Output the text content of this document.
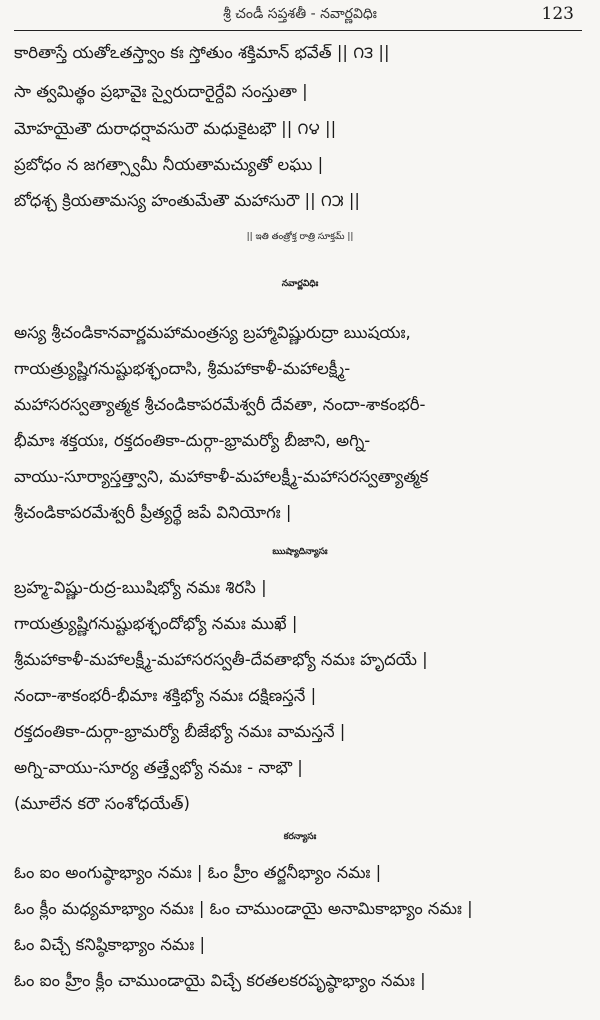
శ్రీ చండీ సప్తశతీ - నవార్ణవిధిః	123
కారితాస్తే యతోఽతస్త్వాం కః స్తోతుం శక్తిమాన్ భవేత్ || ౧౩ ||
సా త్వమిత్థం ప్రభావైః స్వైరుదారైర్దేవి సంస్తుతా |
మోహయైతౌ దురాధర్షావసురౌ మధుకైటభౌ || ౧౪ ||
ప్రబోధం న జగత్స్వామీ నీయతామచ్యుతో లఘు |
బోధశ్చ క్రియతామస్య హంతుమేతౌ మహాసురౌ || ౧౫ ||
|| ఇతి తంత్రోక్త రాత్రి సూక్తమ్ ||
నవార్ణవిధిః
అస్య శ్రీచండికానవార్ణమహామంత్రస్య బ్రహ్మావిష్ణురుద్రా ఋషయః,
గాయత్ర్యుష్ణిగనుష్టుభశ్ఛందాసి, శ్రీమహాకాళీ-మహాలక్ష్మీ-
మహాసరస్వత్యాత్మక శ్రీచండికాపరమేశ్వరీ దేవతా, నందా-శాకంభరీ-
భీమాః శక్తయః, రక్తదంతికా-దుర్గా-భ్రామర్యో బీజాని, అగ్ని-
వాయు-సూర్యాస్తత్త్వాని, మహాకాళీ-మహాలక్ష్మీ-మహాసరస్వత్యాత్మక
శ్రీచండికాపరమేశ్వరీ ప్రీత్యర్థే జపే వినియోగః |
ఋష్యాదిన్యాసః
బ్రహ్మ-విష్ణు-రుద్ర-ఋషిభ్యో నమః శిరసి |
గాయత్ర్యుష్ణిగనుష్టుభశ్ఛందోభ్యో నమః ముఖే |
శ్రీమహాకాళీ-మహాలక్ష్మీ-మహాసరస్వతీ-దేవతాభ్యో నమః హృదయే |
నందా-శాకంభరీ-భీమాః శక్తిభ్యో నమః దక్షిణస్తనే |
రక్తదంతికా-దుర్గా-భ్రామర్యో బీజేభ్యో నమః వామస్తనే |
అగ్ని-వాయు-సూర్య తత్త్వేభ్యో నమః - నాభౌ |
(మూలేన కరౌ సంశోధయేత్)
కరన్యాసః
ఓం ఐం అంగుష్ఠాభ్యాం నమః | ఓం హ్రీం తర్జనీభ్యాం నమః |
ఓం క్లీం మధ్యమాభ్యాం నమః | ఓం చాముండాయై అనామికాభ్యాం నమః |
ఓం విచ్చే కనిష్ఠికాభ్యాం నమః |
ఓం ఐం హ్రీం క్లీం చాముండాయై విచ్చే కరతలకరపృష్ఠాభ్యాం నమః |
